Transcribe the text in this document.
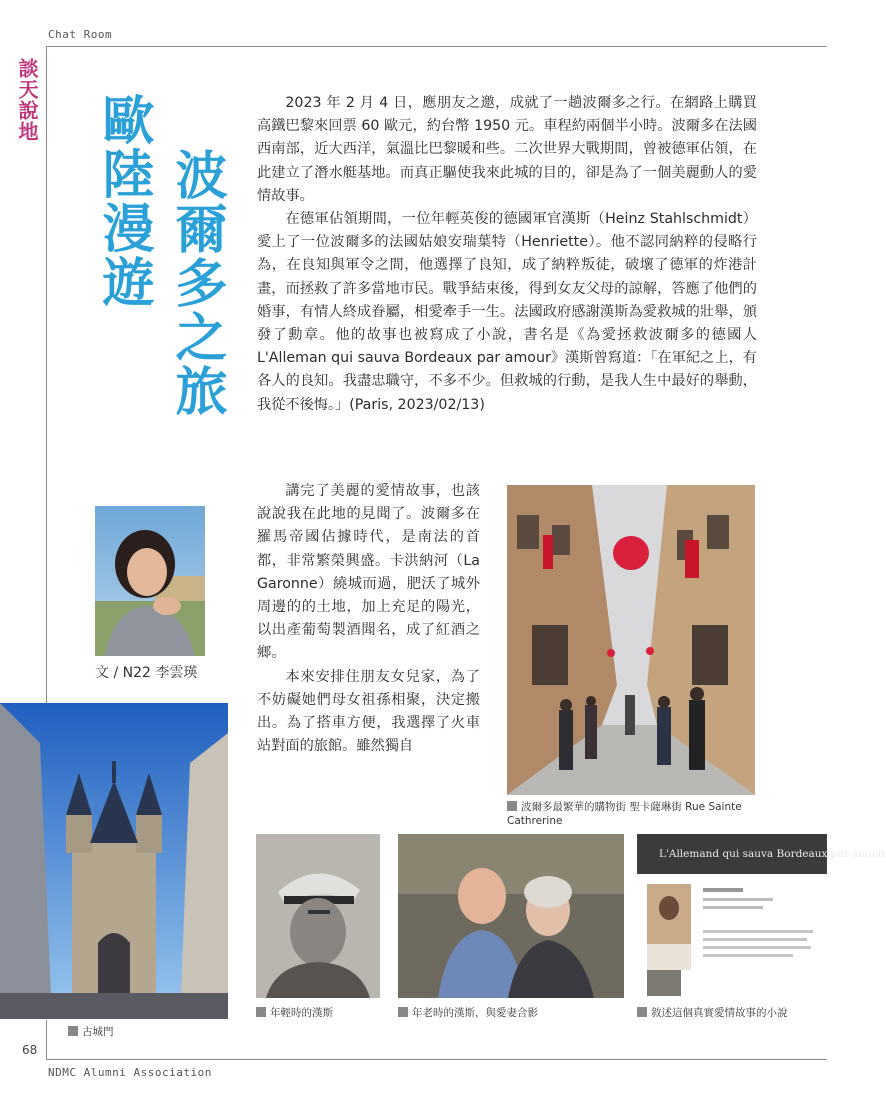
Chat Room
談天說地 歐陸漫遊 波爾多之旅

2023 年 2 月 4 日，應朋友之邀，成就了一趟波爾多之行。在網路上購買高鐵巴黎來回票 60 歐元，約台幣 1950 元。車程約兩個半小時。波爾多在法國西南部，近大西洋，氣溫比巴黎暖和些。二次世界大戰期間，曾被德軍佔領，在此建立了潛水艇基地。而真正驅使我來此城的目的，卻是為了一個美麗動人的愛情故事。

在德軍佔領期間，一位年輕英俊的德國軍官漢斯（Heinz Stahlschmidt）愛上了一位波爾多的法國姑娘安瑞葉特（Henriette）。他不認同納粹的侵略行為，在良知與軍令之間，他選擇了良知，成了納粹叛徒，破壞了德軍的炸港計畫，而拯救了許多當地市民。戰爭結束後，得到女友父母的諒解，答應了他們的婚事，有情人終成眷屬，相愛牽手一生。法國政府感謝漢斯為愛救城的壯舉，頒發了勳章。他的故事也被寫成了小說，書名是《為愛拯救波爾多的德國人 L'Alleman qui sauva Bordeaux par amour》漢斯曾寫道：「在軍紀之上，有各人的良知。我盡忠職守，不多不少。但救城的行動，是我人生中最好的舉動，我從不後悔。」(Paris, 2023/02/13)

文 / N22 李雲瑛

講完了美麗的愛情故事，也該說說我在此地的見聞了。波爾多在羅馬帝國佔據時代，是南法的首都，非常繁榮興盛。卡洪納河（La Garonne）繞城而過，肥沃了城外周邊的的土地，加上充足的陽光，以出產葡萄製酒聞名，成了紅酒之鄉。

本來安排住朋友女兒家，為了不妨礙她們母女祖孫相聚，決定搬出。為了搭車方便，我選擇了火車站對面的旅館。雖然獨自

波爾多最繁華的購物街 聖卡薩琳街 Rue Sainte Cathrerine
古城門
年輕時的漢斯	年老時的漢斯，與愛妻合影
L'Allemand qui sauva Bordeaux par amour
敘述這個真實愛情故事的小說
68
NDMC Alumni Association
